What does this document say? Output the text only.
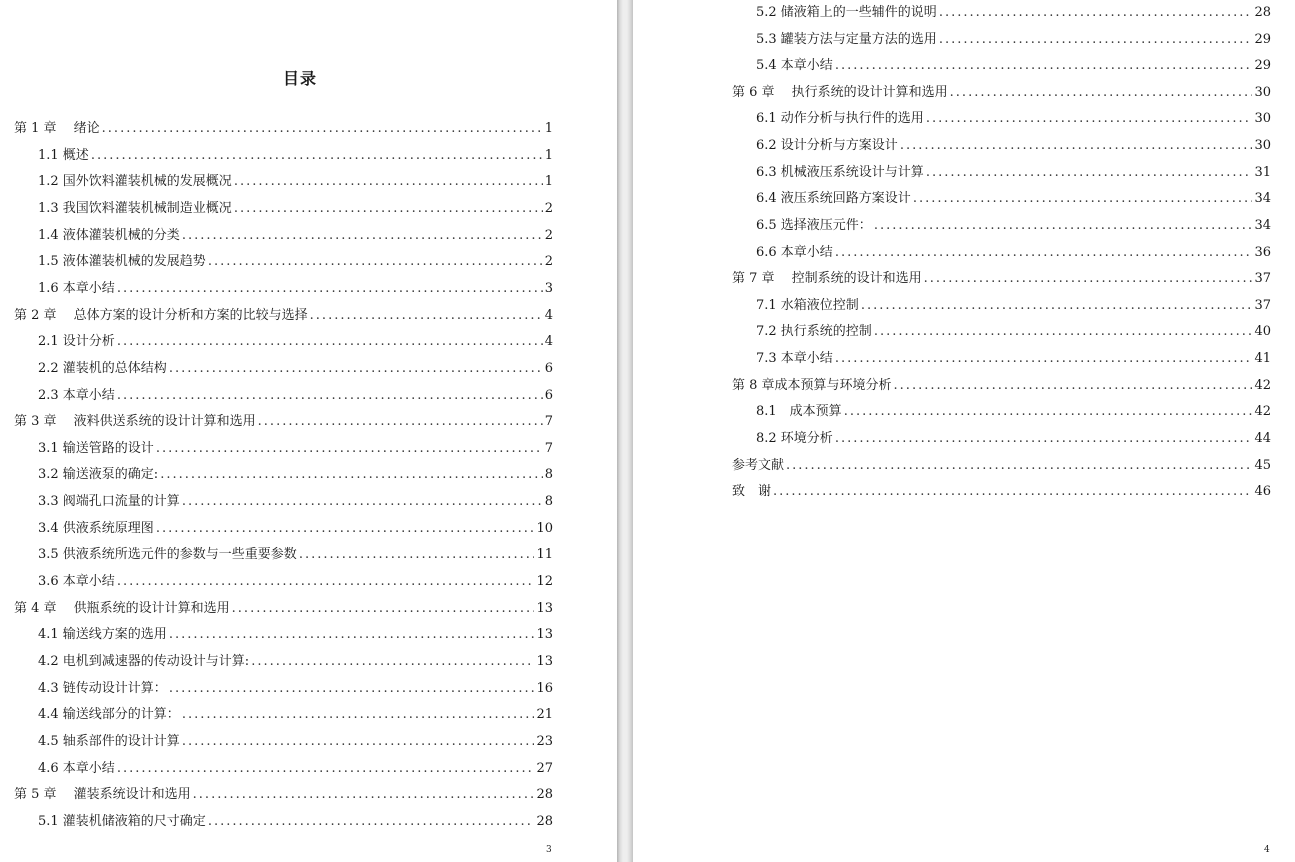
目录
第 1 章　 绪论 .....	1
1.1 概述 .....	1
1.2 国外饮料灌装机械的发展概况 .....	1
1.3 我国饮料灌装机械制造业概况 .....	2
1.4 液体灌装机械的分类 .....	2
1.5 液体灌装机械的发展趋势 .....	2
1.6 本章小结 .....	3
第 2 章　 总体方案的设计分析和方案的比较与选择 .....	4
2.1 设计分析 .....	4
2.2 灌装机的总体结构 .....	6
2.3 本章小结 .....	6
第 3 章　 液料供送系统的设计计算和选用 .....	7
3.1 输送管路的设计 .....	7
3.2 输送液泵的确定: .....	8
3.3 阀端孔口流量的计算 .....	8
3.4 供液系统原理图 .....	10
3.5 供液系统所选元件的参数与一些重要参数 .....	11
3.6 本章小结 .....	12
第 4 章　 供瓶系统的设计计算和选用 .....	13
4.1 输送线方案的选用 .....	13
4.2 电机到减速器的传动设计与计算: .....	13
4.3 链传动设计计算： .....	16
4.4 输送线部分的计算： .....	21
4.5 轴系部件的设计计算 .....	23
4.6 本章小结 .....	27
第 5 章　 灌装系统设计和选用 .....	28
5.1 灌装机储液箱的尺寸确定 .....	28
3
5.2 储液箱上的一些辅件的说明 .....	28
5.3 罐装方法与定量方法的选用 .....	29
5.4 本章小结 .....	29
第 6 章　 执行系统的设计计算和选用 .....	30
6.1 动作分析与执行件的选用 .....	30
6.2 设计分析与方案设计 .....	30
6.3 机械液压系统设计与计算 .....	31
6.4 液压系统回路方案设计 .....	34
6.5 选择液压元件： .....	34
6.6 本章小结 .....	36
第 7 章　 控制系统的设计和选用 .....	37
7.1 水箱液位控制 .....	37
7.2 执行系统的控制 .....	40
7.3 本章小结 .....	41
第 8 章成本预算与环境分析 .....	42
8.1　成本预算 .....	42
8.2 环境分析 .....	44
参考文献 .....	45
致　谢 .....	46
4
